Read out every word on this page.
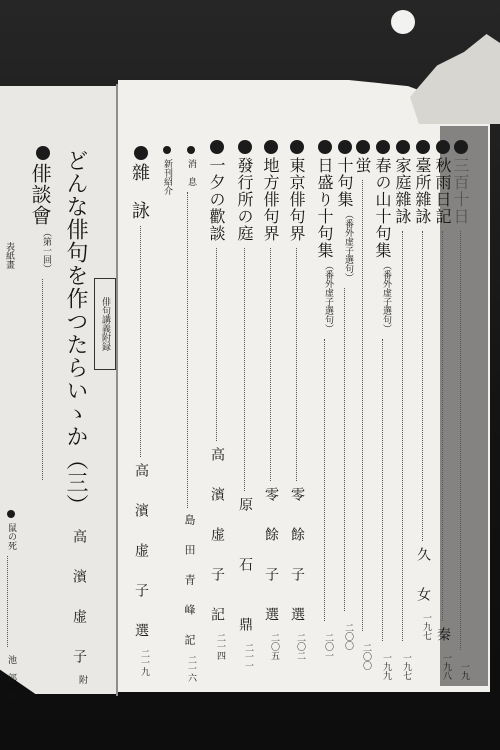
三百十日
一九
秋雨日記
秦
一九八
臺所雜詠
久　女
一九七
家庭雜詠
一九七
春の山十句集
（番外虚子選句）
一九九
蛍
二〇〇
十句集
（番外虚子選句）
二〇〇
日盛り十句集
（番外虚子選句）
二〇一
東京俳句界
零　餘　子　選
二〇二
地方俳句界
零　餘　子　選
二〇五
發行所の庭
原　　石　　鼎
二一一
一夕の歡談
高　濱　虚　子　記
二一四
消　息
島　田　青　峰　記
二一六
新刊紹介
雜　詠
高　濱　虚　子　選
二一九
俳句講義附録
どんな俳句を作つたらいゝか（三）
高　濱　虚　子
附
俳談會
（第一回）
表紙畫
鼠の死
池　部　鈞
